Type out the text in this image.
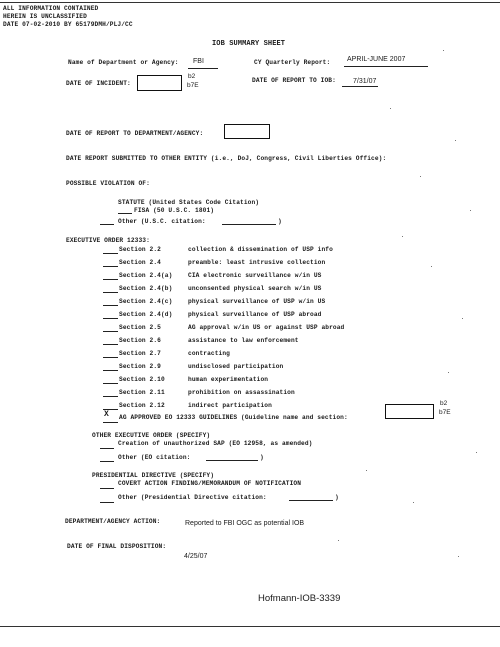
ALL INFORMATION CONTAINED
HEREIN IS UNCLASSIFIED
DATE 07-02-2010 BY 65179DMH/PLJ/CC
IOB SUMMARY SHEET
Name of Department or Agency: FBI	CY Quarterly Report: APRIL-JUNE 2007
DATE OF INCIDENT:
b2
b7E
DATE OF REPORT TO IOB: 7/31/07
DATE OF REPORT TO DEPARTMENT/AGENCY:
DATE REPORT SUBMITTED TO OTHER ENTITY (i.e., DoJ, Congress, Civil Liberties Office):
POSSIBLE VIOLATION OF:
STATUTE (United States Code Citation)
FISA (50 U.S.C. 1801)
Other (U.S.C. citation:	)
EXECUTIVE ORDER 12333:
Section 2.2	collection & dissemination of USP info
Section 2.4	preamble: least intrusive collection
Section 2.4(a)	CIA electronic surveillance w/in US
Section 2.4(b)	unconsented physical search w/in US
Section 2.4(c)	physical surveillance of USP w/in US
Section 2.4(d)	physical surveillance of USP abroad
Section 2.5	AG approval w/in US or against USP abroad
Section 2.6	assistance to law enforcement
Section 2.7	contracting
Section 2.9	undisclosed participation
Section 2.10	human experimentation
Section 2.11	prohibition on assassination
Section 2.12	indirect participation
X AG APPROVED EO 12333 GUIDELINES (Guideline name and section:
b2
b7E
OTHER EXECUTIVE ORDER (SPECIFY)
Creation of unauthorized SAP (EO 12958, as amended)
Other (EO citation:	)
PRESIDENTIAL DIRECTIVE (SPECIFY)
COVERT ACTION FINDING/MEMORANDUM OF NOTIFICATION
Other (Presidential Directive citation:	)
DEPARTMENT/AGENCY ACTION:	Reported to FBI OGC as potential IOB
DATE OF FINAL DISPOSITION:
4/25/07
Hofmann-IOB-3339
